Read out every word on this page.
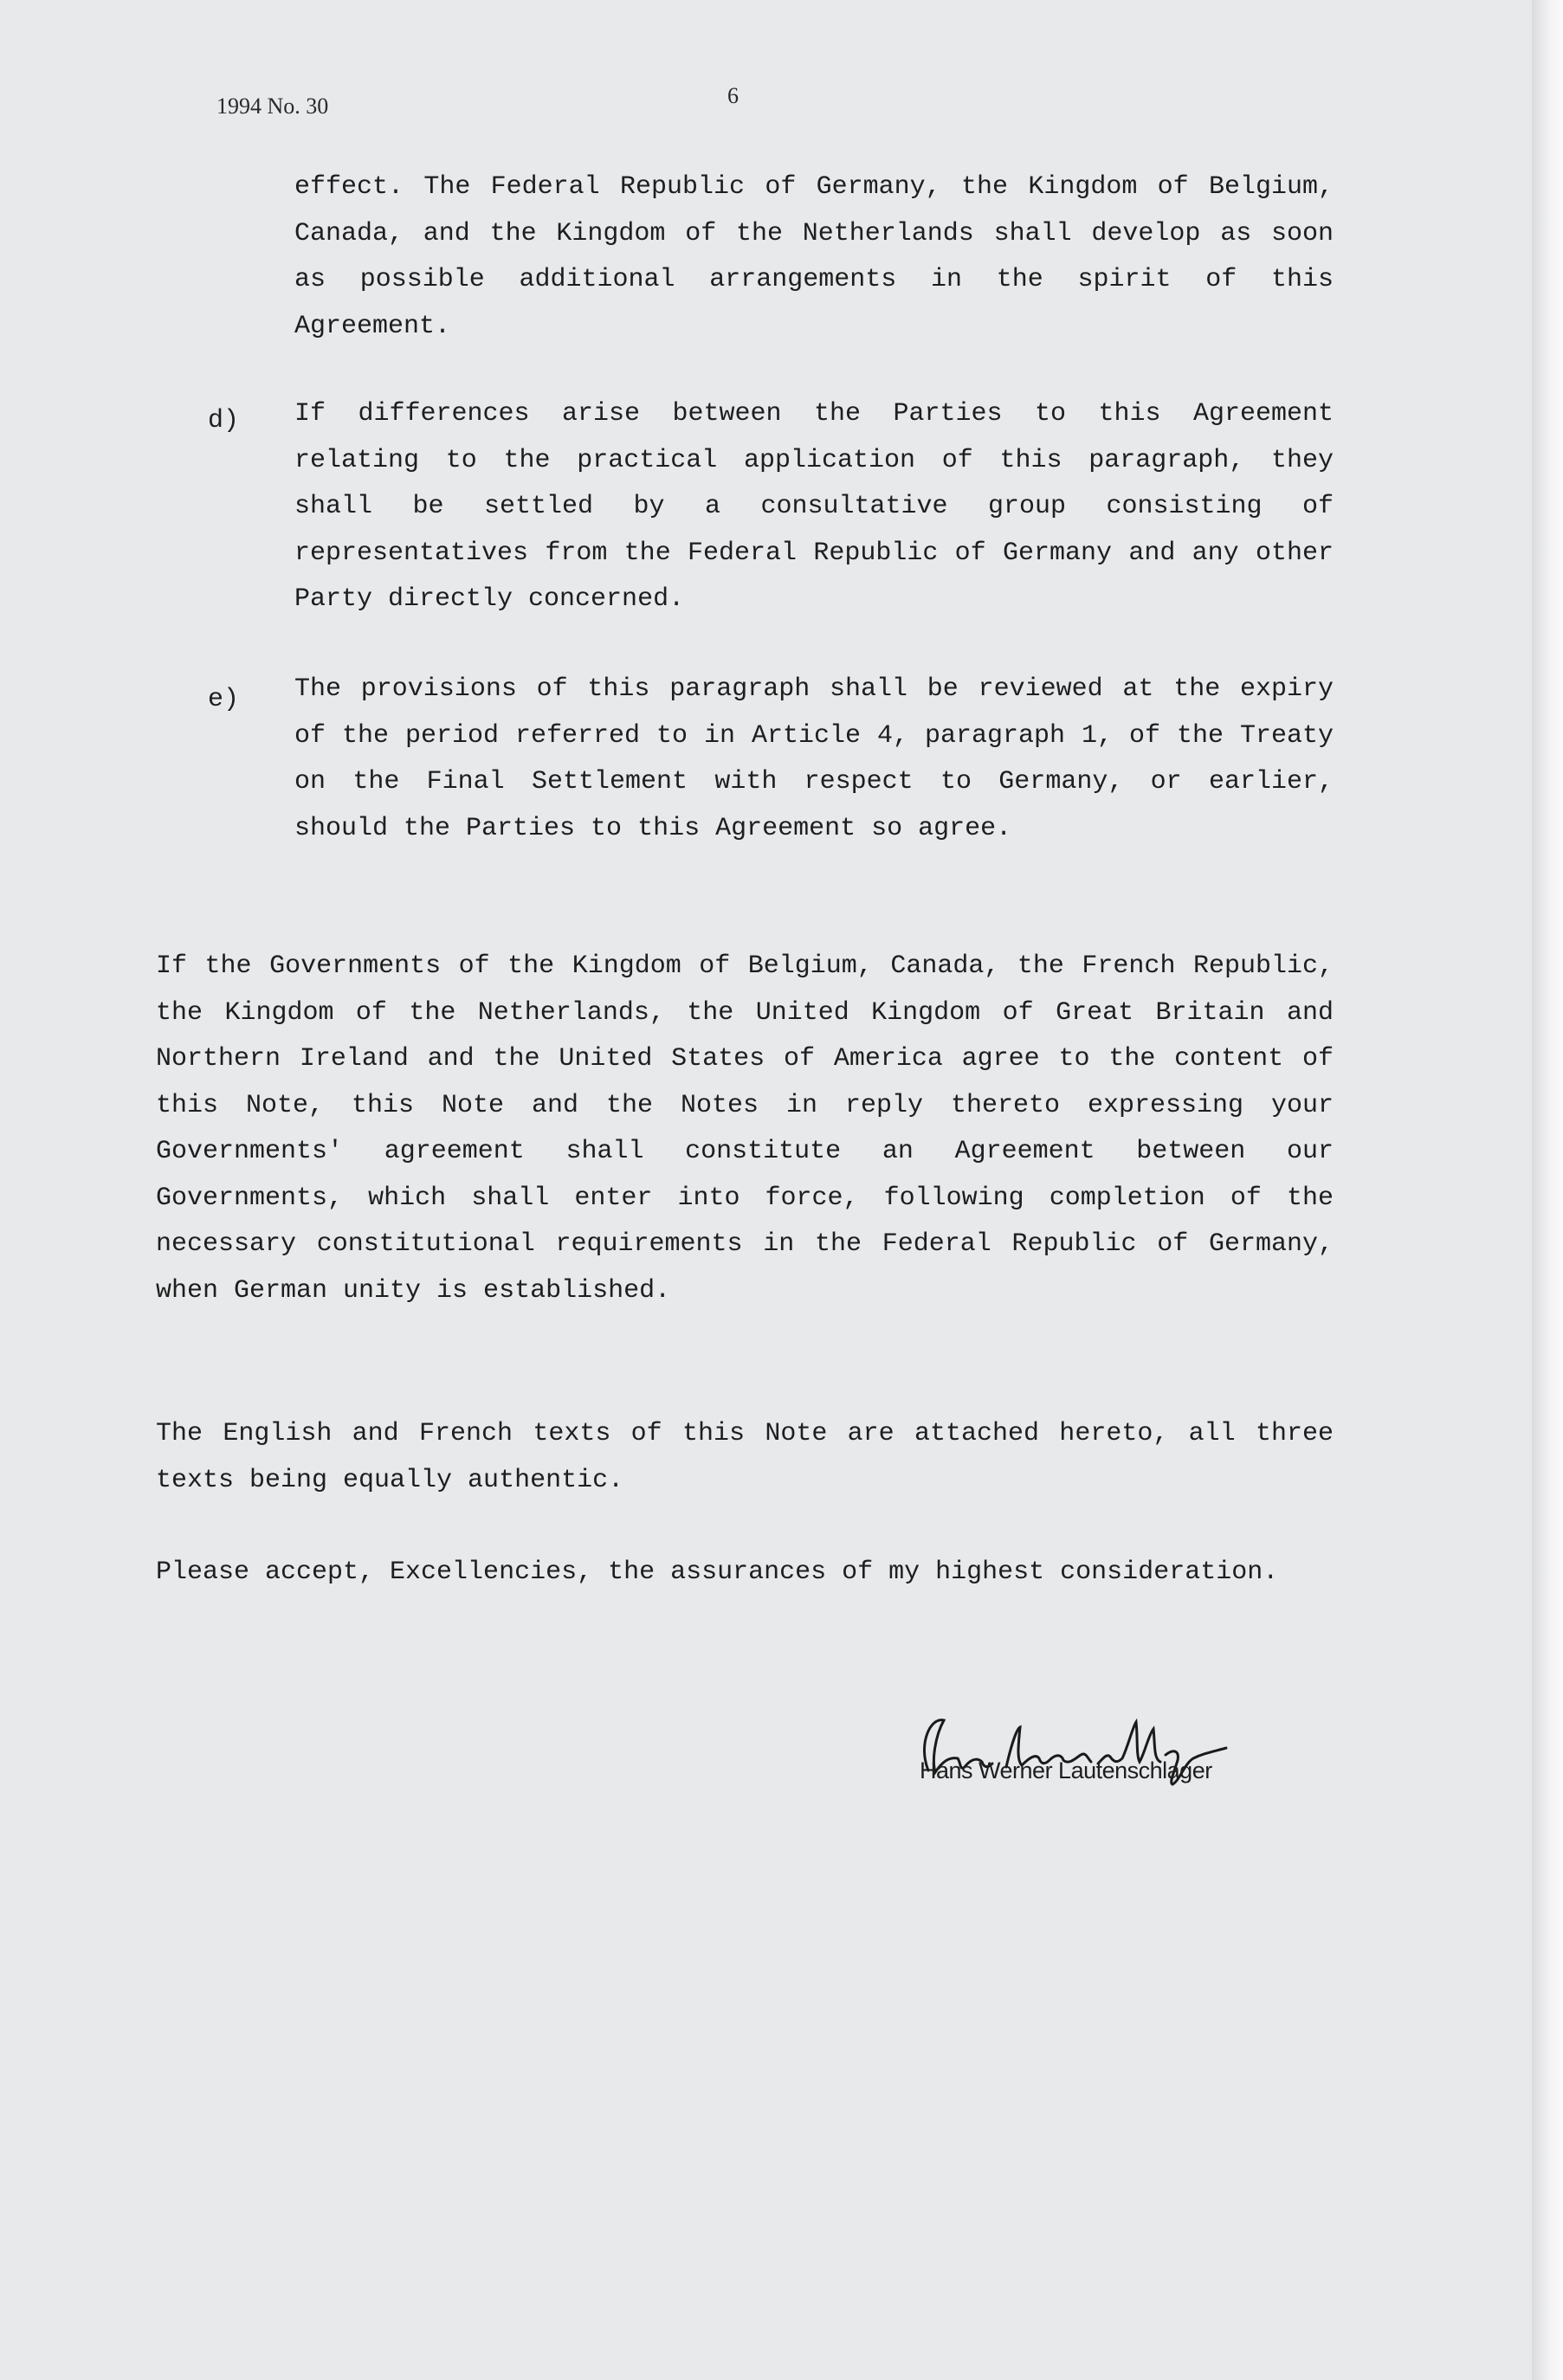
1994 No. 30	6
effect. The Federal Republic of Germany, the Kingdom of Belgium, Canada, and the Kingdom of the Netherlands shall develop as soon as possible additional arrangements in the spirit of this Agreement.
d) If differences arise between the Parties to this Agreement relating to the practical application of this paragraph, they shall be settled by a consultative group consisting of representatives from the Federal Republic of Germany and any other Party directly concerned.
e) The provisions of this paragraph shall be reviewed at the expiry of the period referred to in Article 4, paragraph 1, of the Treaty on the Final Settlement with respect to Germany, or earlier, should the Parties to this Agreement so agree.
If the Governments of the Kingdom of Belgium, Canada, the French Republic, the Kingdom of the Netherlands, the United Kingdom of Great Britain and Northern Ireland and the United States of America agree to the content of this Note, this Note and the Notes in reply thereto expressing your Governments' agreement shall constitute an Agreement between our Governments, which shall enter into force, following completion of the necessary constitutional requirements in the Federal Republic of Germany, when German unity is established.
The English and French texts of this Note are attached hereto, all three texts being equally authentic.
Please accept, Excellencies, the assurances of my highest consideration.
Hans Werner Lautenschlager
